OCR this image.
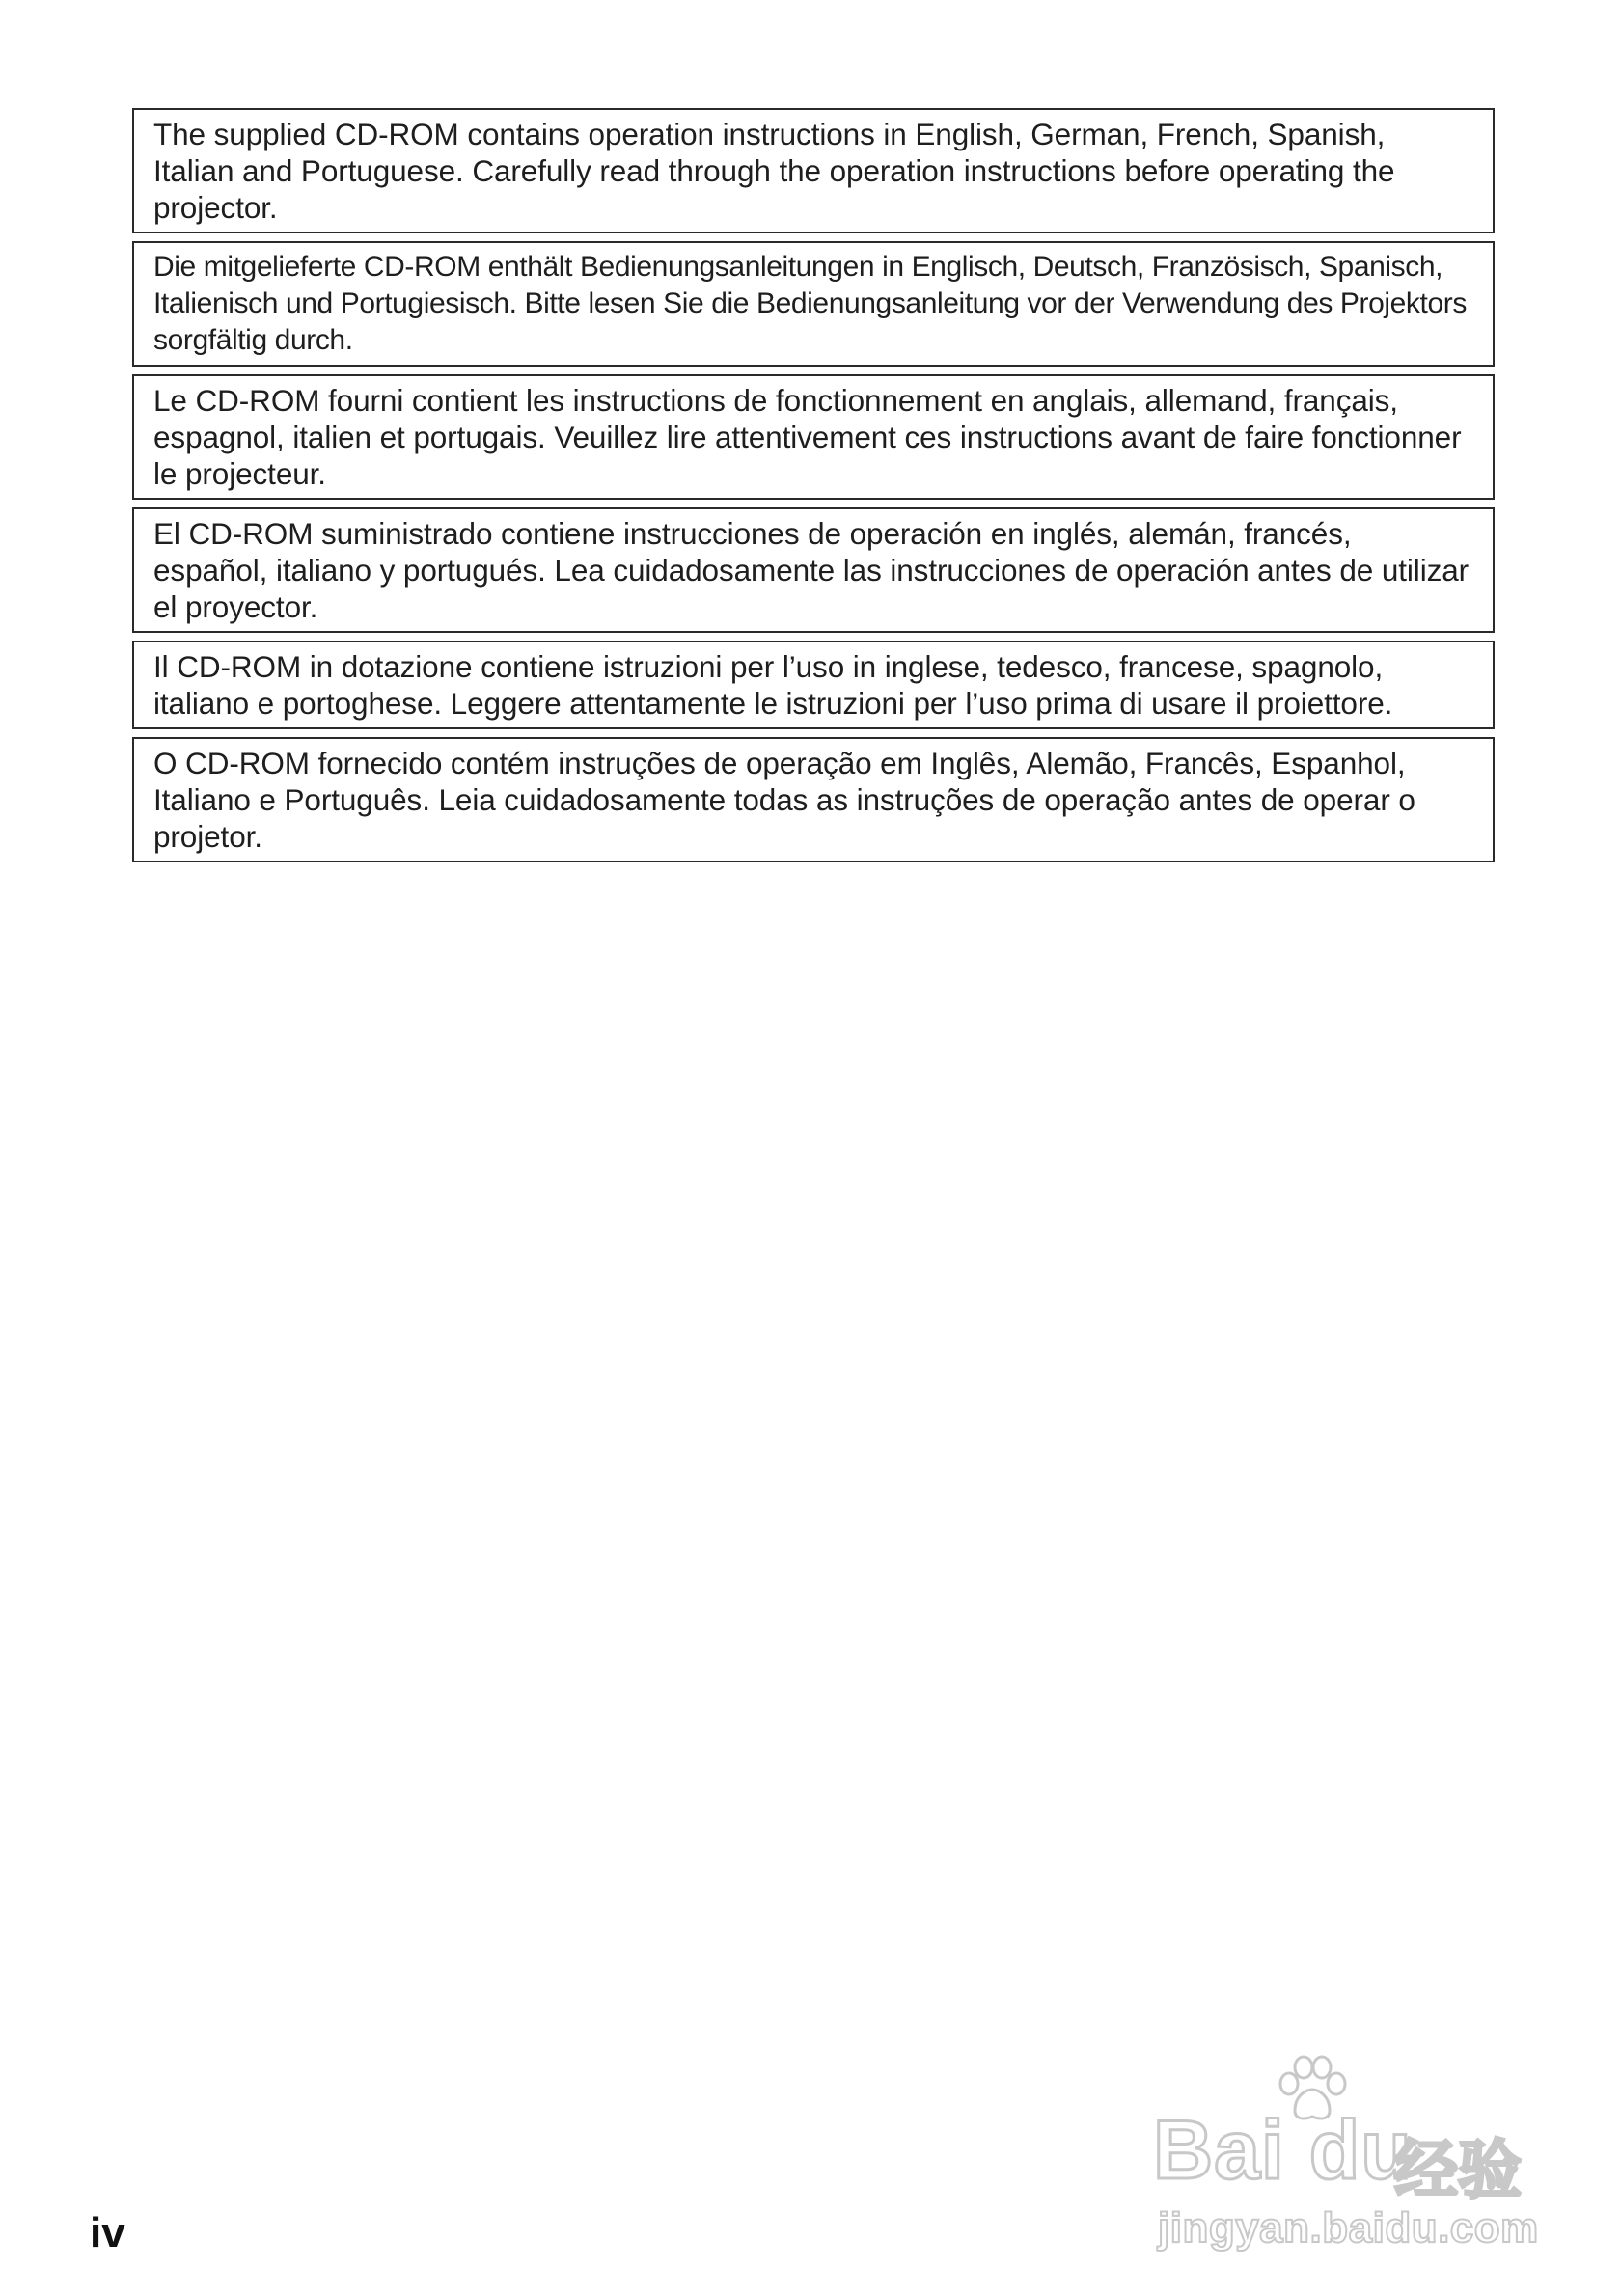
The supplied CD-ROM contains operation instructions in English, German, French, Spanish, Italian and Portuguese. Carefully read through the operation instructions before operating the projector.
Die mitgelieferte CD-ROM enthält Bedienungsanleitungen in Englisch, Deutsch, Französisch, Spanisch, Italienisch und Portugiesisch. Bitte lesen Sie die Bedienungsanleitung vor der Verwendung des Projektors sorgfältig durch.
Le CD-ROM fourni contient les instructions de fonctionnement en anglais, allemand, français, espagnol, italien et portugais. Veuillez lire attentivement ces instructions avant de faire fonctionner le projecteur.
El CD-ROM suministrado contiene instrucciones de operación en inglés, alemán, francés, español, italiano y portugués. Lea cuidadosamente las instrucciones de operación antes de utilizar el proyector.
Il CD-ROM in dotazione contiene istruzioni per l’uso in inglese, tedesco, francese, spagnolo, italiano e portoghese. Leggere attentamente le istruzioni per l’uso prima di usare il proiettore.
O CD-ROM fornecido contém instruções de operação em Inglês, Alemão, Francês, Espanhol, Italiano e Português. Leia cuidadosamente todas as instruções de operação antes de operar o projetor.
Bai du
经验
jingyan.baidu.com
iv
